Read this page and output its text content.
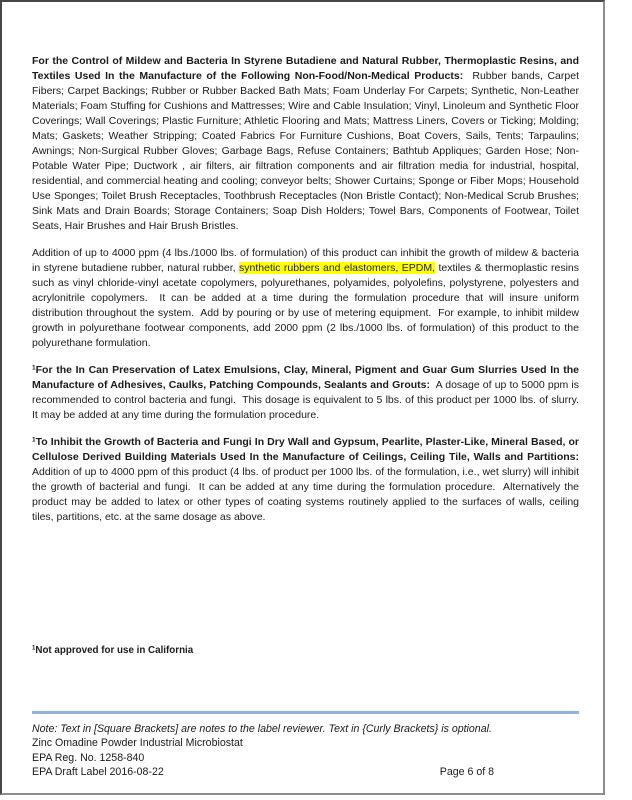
For the Control of Mildew and Bacteria In Styrene Butadiene and Natural Rubber, Thermoplastic Resins, and Textiles Used In the Manufacture of the Following Non-Food/Non-Medical Products:  Rubber bands, Carpet Fibers; Carpet Backings; Rubber or Rubber Backed Bath Mats; Foam Underlay For Carpets; Synthetic, Non-Leather Materials; Foam Stuffing for Cushions and Mattresses; Wire and Cable Insulation; Vinyl, Linoleum and Synthetic Floor Coverings; Wall Coverings; Plastic Furniture; Athletic Flooring and Mats; Mattress Liners, Covers or Ticking; Molding; Mats; Gaskets; Weather Stripping; Coated Fabrics For Furniture Cushions, Boat Covers, Sails, Tents; Tarpaulins; Awnings; Non-Surgical Rubber Gloves; Garbage Bags, Refuse Containers; Bathtub Appliques; Garden Hose; Non-Potable Water Pipe; Ductwork , air filters, air filtration components and air filtration media for industrial, hospital, residential, and commercial heating and cooling; conveyor belts; Shower Curtains; Sponge or Fiber Mops; Household Use Sponges; Toilet Brush Receptacles, Toothbrush Receptacles (Non Bristle Contact); Non-Medical Scrub Brushes; Sink Mats and Drain Boards; Storage Containers; Soap Dish Holders; Towel Bars, Components of Footwear, Toilet Seats, Hair Brushes and Hair Brush Bristles.

Addition of up to 4000 ppm (4 lbs./1000 lbs. of formulation) of this product can inhibit the growth of mildew & bacteria in styrene butadiene rubber, natural rubber, synthetic rubbers and elastomers, EPDM, textiles & thermoplastic resins such as vinyl chloride-vinyl acetate copolymers, polyurethanes, polyamides, polyolefins, polystyrene, polyesters and acrylonitrile copolymers.  It can be added at a time during the formulation procedure that will insure uniform distribution throughout the system.  Add by pouring or by use of metering equipment.  For example, to inhibit mildew growth in polyurethane footwear components, add 2000 ppm (2 lbs./1000 lbs. of formulation) of this product to the polyurethane formulation.

$^1$For the In Can Preservation of Latex Emulsions, Clay, Mineral, Pigment and Guar Gum Slurries Used In the Manufacture of Adhesives, Caulks, Patching Compounds, Sealants and Grouts:  A dosage of up to 5000 ppm is recommended to control bacteria and fungi.  This dosage is equivalent to 5 lbs. of this product per 1000 lbs. of slurry.  It may be added at any time during the formulation procedure.

$^1$To Inhibit the Growth of Bacteria and Fungi In Dry Wall and Gypsum, Pearlite, Plaster-Like, Mineral Based, or Cellulose Derived Building Materials Used In the Manufacture of Ceilings, Ceiling Tile, Walls and Partitions:  Addition of up to 4000 ppm of this product (4 lbs. of product per 1000 lbs. of the formulation, i.e., wet slurry) will inhibit the growth of bacterial and fungi.  It can be added at any time during the formulation procedure.  Alternatively the product may be added to latex or other types of coating systems routinely applied to the surfaces of walls, ceiling tiles, partitions, etc. at the same dosage as above.

$^1$Not approved for use in California

Note: Text in [Square Brackets] are notes to the label reviewer. Text in {Curly Brackets} is optional.

Zinc Omadine Powder Industrial Microbiostat

EPA Reg. No. 1258-840

EPA Draft Label 2016-08-22	Page 6 of 8
